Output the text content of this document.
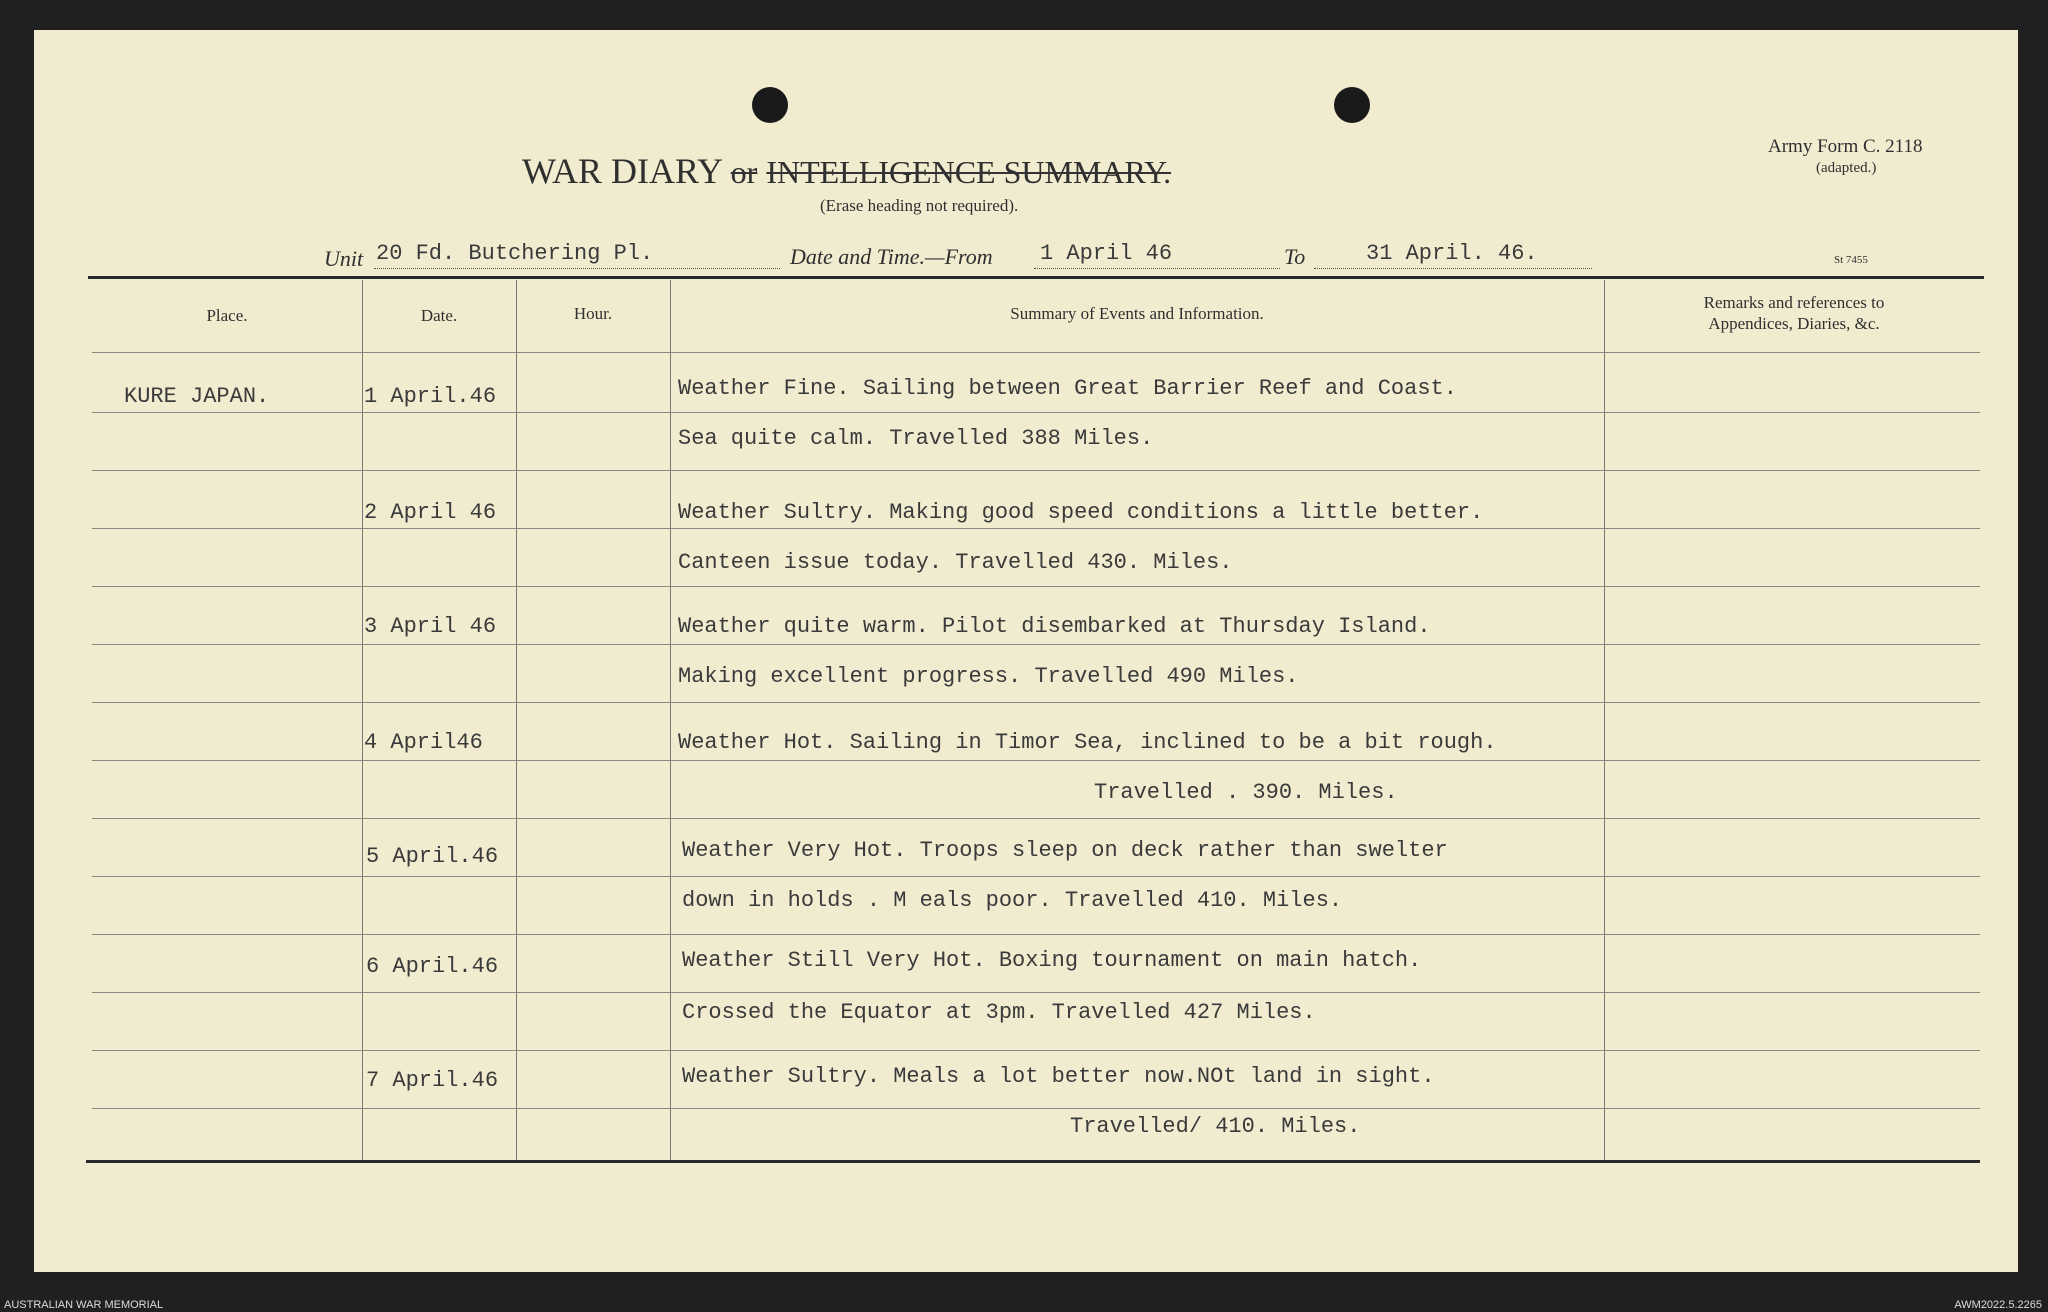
WAR DIARY or INTELLIGENCE SUMMARY.
(Erase heading not required).
Army Form C. 2118
(adapted.)
St 7455
Unit 20 Fd. Butchering Pl.	Date and Time.—From 1 April 46	To	31 April. 46.
Place.	Date.	Hour.	Summary of Events and Information.
Remarks and references to
Appendices, Diaries, &c.
KURE JAPAN.	1 April.46	Weather Fine. Sailing between Great Barrier Reef and Coast.
Sea quite calm. Travelled 388 Miles.
2 April 46	Weather Sultry. Making good speed conditions a little better.
Canteen issue today. Travelled 430. Miles.
3 April 46	Weather quite warm. Pilot disembarked at Thursday Island.
Making excellent progress. Travelled 490 Miles.
4 April46	Weather Hot. Sailing in Timor Sea, inclined to be a bit rough.
Travelled . 390. Miles.
5 April.46	Weather Very Hot. Troops sleep on deck rather than swelter
down in holds . M eals poor. Travelled 410. Miles.
6 April.46	Weather Still Very Hot. Boxing tournament on main hatch.
Crossed the Equator at 3pm. Travelled 427 Miles.
7 April.46	Weather Sultry. Meals a lot better now.NOt land in sight.
Travelled/ 410. Miles.
AUSTRALIAN WAR MEMORIAL	AWM2022.5.2265
